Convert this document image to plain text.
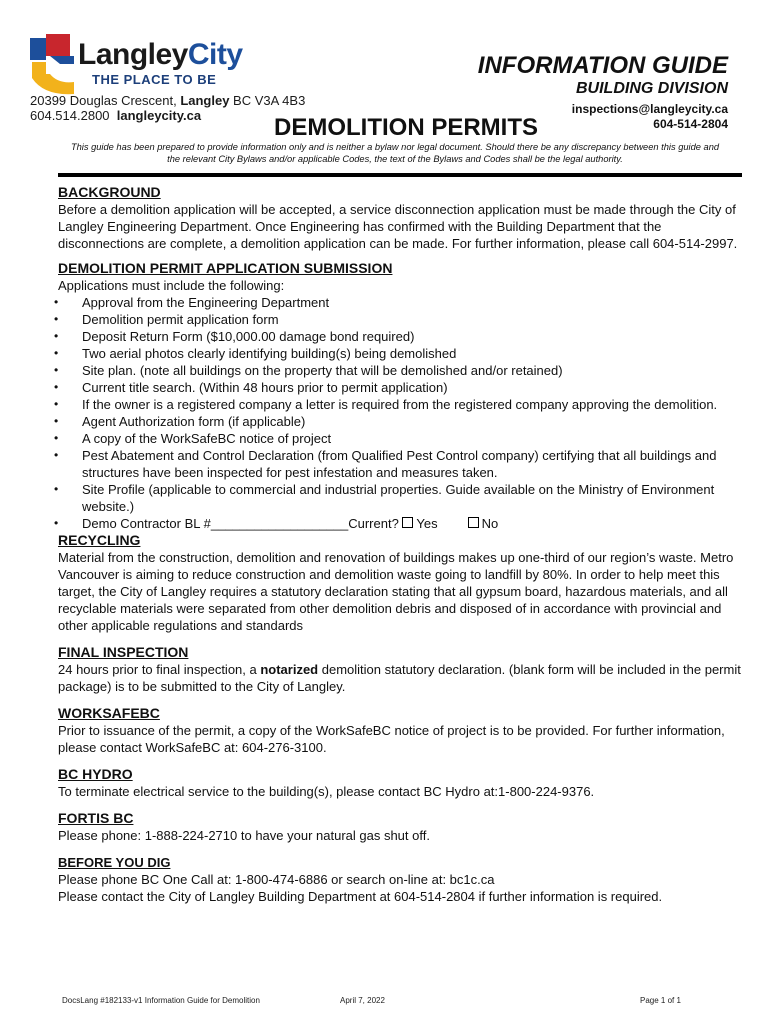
LangleyCity
THE PLACE TO BE
20399 Douglas Crescent, Langley BC V3A 4B3
604.514.2800 langleycity.ca
INFORMATION GUIDE
BUILDING DIVISION
inspections@langleycity.ca
604-514-2804
DEMOLITION PERMITS
This guide has been prepared to provide information only and is neither a bylaw nor legal document. Should there be any discrepancy between this guide and the relevant City Bylaws and/or applicable Codes, the text of the Bylaws and Codes shall be the legal authority.
BACKGROUND

Before a demolition application will be accepted, a service disconnection application must be made through the City of Langley Engineering Department. Once Engineering has confirmed with the Building Department that the disconnections are complete, a demolition application can be made. For further information, please call 604-514-2997.

DEMOLITION PERMIT APPLICATION SUBMISSION

Applications must include the following:

• Approval from the Engineering Department
• Demolition permit application form
• Deposit Return Form ($10,000.00 damage bond required)
• Two aerial photos clearly identifying building(s) being demolished
• Site plan. (note all buildings on the property that will be demolished and/or retained)
• Current title search. (Within 48 hours prior to permit application)
• If the owner is a registered company a letter is required from the registered company approving the demolition.
• Agent Authorization form (if applicable)
• A copy of the WorkSafeBC notice of project
• Pest Abatement and Control Declaration (from Qualified Pest Control company) certifying that all buildings and structures have been inspected for pest infestation and measures taken.
• Site Profile (applicable to commercial and industrial properties. Guide available on the Ministry of Environment website.)
• Demo Contractor BL #___________________Current? Yes	No
RECYCLING

Material from the construction, demolition and renovation of buildings makes up one-third of our region’s waste. Metro Vancouver is aiming to reduce construction and demolition waste going to landfill by 80%. In order to help meet this target, the City of Langley requires a statutory declaration stating that all gypsum board, hazardous materials, and all recyclable materials were separated from other demolition debris and disposed of in accordance with provincial and other applicable regulations and standards

FINAL INSPECTION

24 hours prior to final inspection, a notarized demolition statutory declaration. (blank form will be included in the permit package) is to be submitted to the City of Langley.

WORKSAFEBC

Prior to issuance of the permit, a copy of the WorkSafeBC notice of project is to be provided. For further information, please contact WorkSafeBC at: 604-276-3100.

BC HYDRO

To terminate electrical service to the building(s), please contact BC Hydro at:1-800-224-9376.

FORTIS BC

Please phone: 1-888-224-2710 to have your natural gas shut off.

BEFORE YOU DIG

Please phone BC One Call at: 1-800-474-6886 or search on-line at: bc1c.ca

Please contact the City of Langley Building Department at 604-514-2804 if further information is required.

DocsLang #182133-v1 Information Guide for Demolition	April 7, 2022	Page 1 of 1
